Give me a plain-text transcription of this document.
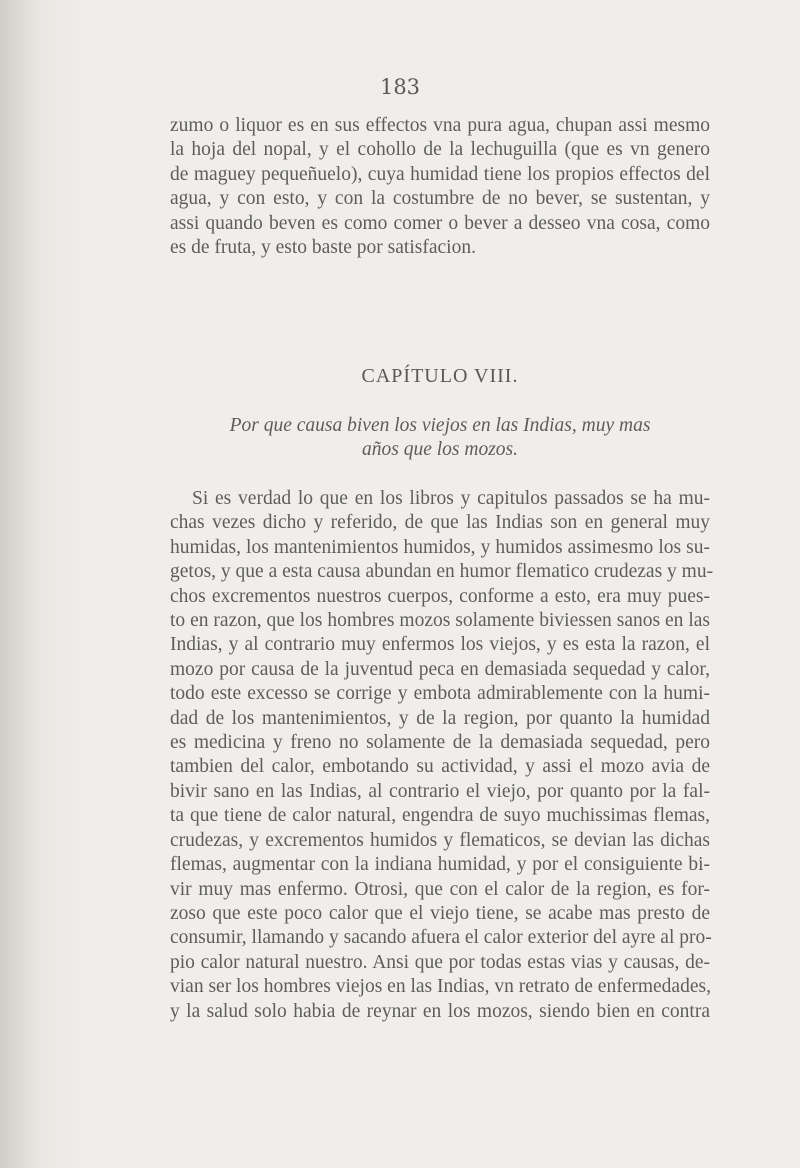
183
zumo o liquor es en sus effectos vna pura agua, chupan assi mesmo
la hoja del nopal, y el cohollo de la lechuguilla (que es vn genero
de maguey pequeñuelo), cuya humidad tiene los propios effectos del
agua, y con esto, y con la costumbre de no bever, se sustentan, y
assi quando beven es como comer o bever a desseo vna cosa, como
es de fruta, y esto baste por satisfacion.
CAPÍTULO VIII.
Por que causa biven los viejos en las Indias, muy mas
años que los mozos.
Si es verdad lo que en los libros y capitulos passados se ha mu-
chas vezes dicho y referido, de que las Indias son en general muy
humidas, los mantenimientos humidos, y humidos assimesmo los su-
getos, y que a esta causa abundan en humor flematico crudezas y mu-
chos excrementos nuestros cuerpos, conforme a esto, era muy pues-
to en razon, que los hombres mozos solamente biviessen sanos en las
Indias, y al contrario muy enfermos los viejos, y es esta la razon, el
mozo por causa de la juventud peca en demasiada sequedad y calor,
todo este excesso se corrige y embota admirablemente con la humi-
dad de los mantenimientos, y de la region, por quanto la humidad
es medicina y freno no solamente de la demasiada sequedad, pero
tambien del calor, embotando su actividad, y assi el mozo avia de
bivir sano en las Indias, al contrario el viejo, por quanto por la fal-
ta que tiene de calor natural, engendra de suyo muchissimas flemas,
crudezas, y excrementos humidos y flematicos, se devian las dichas
flemas, augmentar con la indiana humidad, y por el consiguiente bi-
vir muy mas enfermo. Otrosi, que con el calor de la region, es for-
zoso que este poco calor que el viejo tiene, se acabe mas presto de
consumir, llamando y sacando afuera el calor exterior del ayre al pro-
pio calor natural nuestro. Ansi que por todas estas vias y causas, de-
vian ser los hombres viejos en las Indias, vn retrato de enfermedades,
y la salud solo habia de reynar en los mozos, siendo bien en contra
